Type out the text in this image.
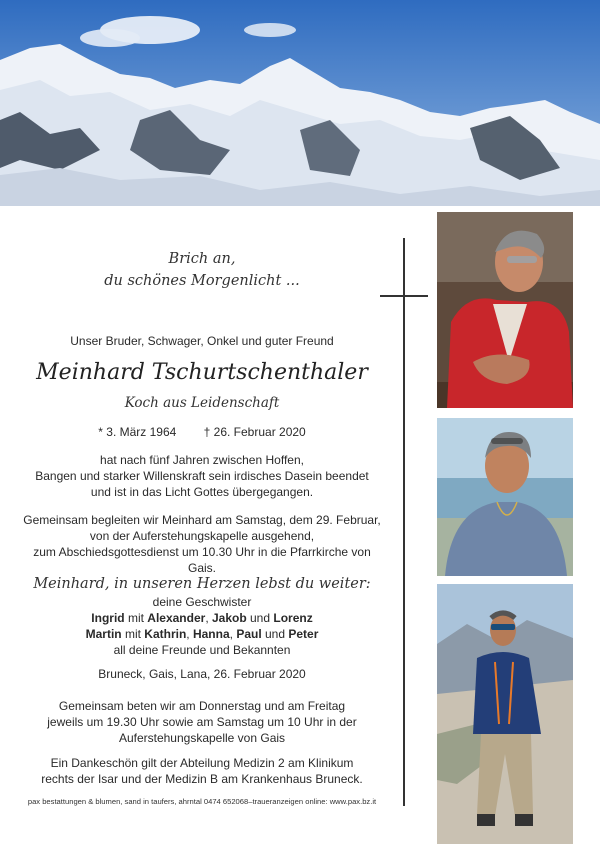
Brich an,
du schönes Morgenlicht ...
Unser Bruder, Schwager, Onkel und guter Freund
Meinhard Tschurtschenthaler
Koch aus Leidenschaft
* 3. März 1964 † 26. Februar 2020
hat nach fünf Jahren zwischen Hoffen,
Bangen und starker Willenskraft sein irdisches Dasein beendet
und ist in das Licht Gottes übergegangen.
Gemeinsam begleiten wir Meinhard am Samstag, dem 29. Februar,
von der Auferstehungskapelle ausgehend,
zum Abschiedsgottesdienst um 10.30 Uhr in die Pfarrkirche von Gais.
Meinhard, in unseren Herzen lebst du weiter:
deine Geschwister
Ingrid mit Alexander, Jakob und Lorenz
Martin mit Kathrin, Hanna, Paul und Peter
all deine Freunde und Bekannten
Bruneck, Gais, Lana, 26. Februar 2020
Gemeinsam beten wir am Donnerstag und am Freitag
jeweils um 19.30 Uhr sowie am Samstag um 10 Uhr in der
Auferstehungskapelle von Gais
Ein Dankeschön gilt der Abteilung Medizin 2 am Klinikum
rechts der Isar und der Medizin B am Krankenhaus Bruneck.
pax bestattungen & blumen, sand in taufers, ahrntal 0474 652068–traueranzeigen online: www.pax.bz.it
